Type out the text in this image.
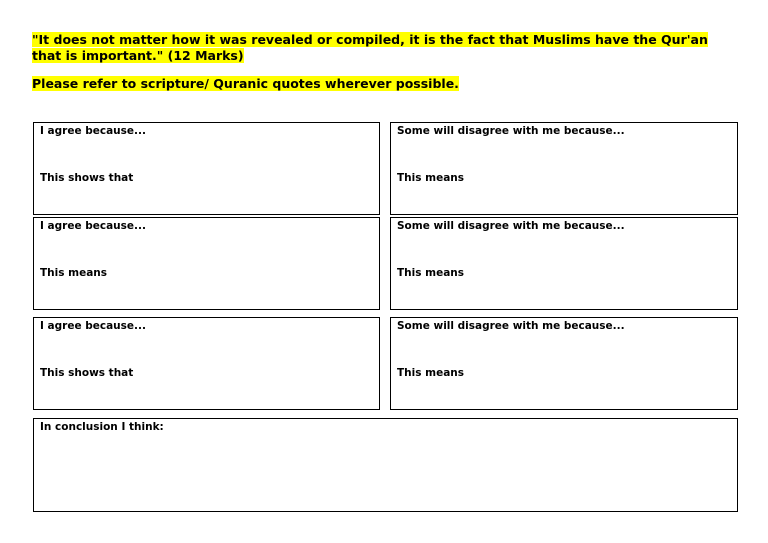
"It does not matter how it was revealed or compiled, it is the fact that Muslims have the Qur'an
that is important." (12 Marks)

Please refer to scripture/ Quranic quotes wherever possible.

I agree because...
This shows that
Some will disagree with me because...
This means
I agree because...
This means
Some will disagree with me because...
This means
I agree because...
This shows that
Some will disagree with me because...
This means
In conclusion I think:
